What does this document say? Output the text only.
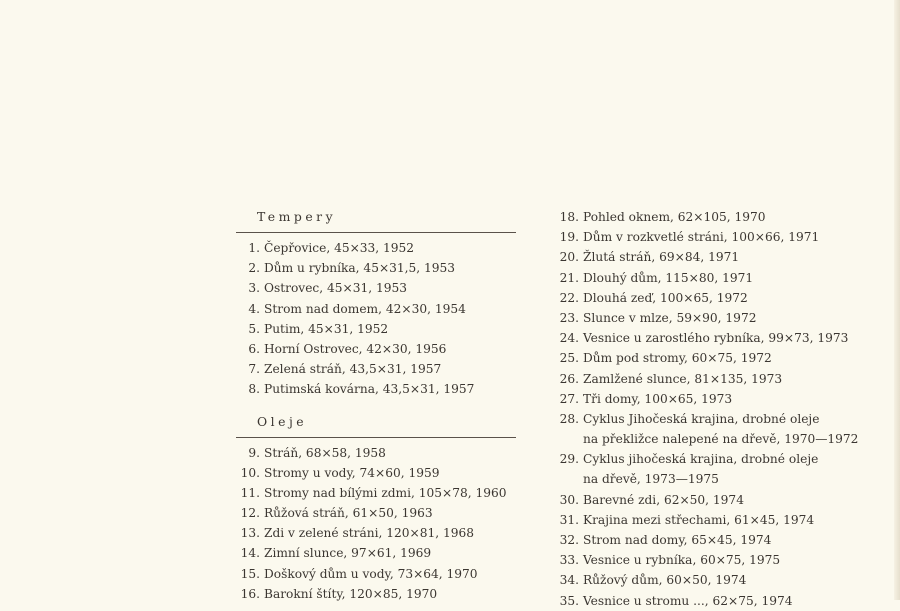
Tempery
1. Čepřovice, 45⨯33, 1952
2. Dům u rybníka, 45⨯31,5, 1953
3. Ostrovec, 45⨯31, 1953
4. Strom nad domem, 42⨯30, 1954
5. Putim, 45⨯31, 1952
6. Horní Ostrovec, 42⨯30, 1956
7. Zelená stráň, 43,5⨯31, 1957
8. Putimská kovárna, 43,5⨯31, 1957
Oleje
9. Stráň, 68⨯58, 1958
10. Stromy u vody, 74⨯60, 1959
11. Stromy nad bílými zdmi, 105⨯78, 1960
12. Růžová stráň, 61⨯50, 1963
13. Zdi v zelené stráni, 120⨯81, 1968
14. Zimní slunce, 97⨯61, 1969
15. Doškový dům u vody, 73⨯64, 1970
16. Barokní štíty, 120⨯85, 1970
18. Pohled oknem, 62⨯105, 1970
19. Dům v rozkvetlé stráni, 100⨯66, 1971
20. Žlutá stráň, 69⨯84, 1971
21. Dlouhý dům, 115⨯80, 1971
22. Dlouhá zeď, 100⨯65, 1972
23. Slunce v mlze, 59⨯90, 1972
24. Vesnice u zarostlého rybníka, 99⨯73, 1973
25. Dům pod stromy, 60⨯75, 1972
26. Zamlžené slunce, 81⨯135, 1973
27. Tři domy, 100⨯65, 1973
28. Cyklus Jihočeská krajina, drobné oleje
na překližce nalepené na dřevě, 1970—1972
29. Cyklus jihočeská krajina, drobné oleje
na dřevě, 1973—1975
30. Barevné zdi, 62⨯50, 1974
31. Krajina mezi střechami, 61⨯45, 1974
32. Strom nad domy, 65⨯45, 1974
33. Vesnice u rybníka, 60⨯75, 1975
34. Růžový dům, 60⨯50, 1974
35. Vesnice u stromu ..., 62⨯75, 1974
